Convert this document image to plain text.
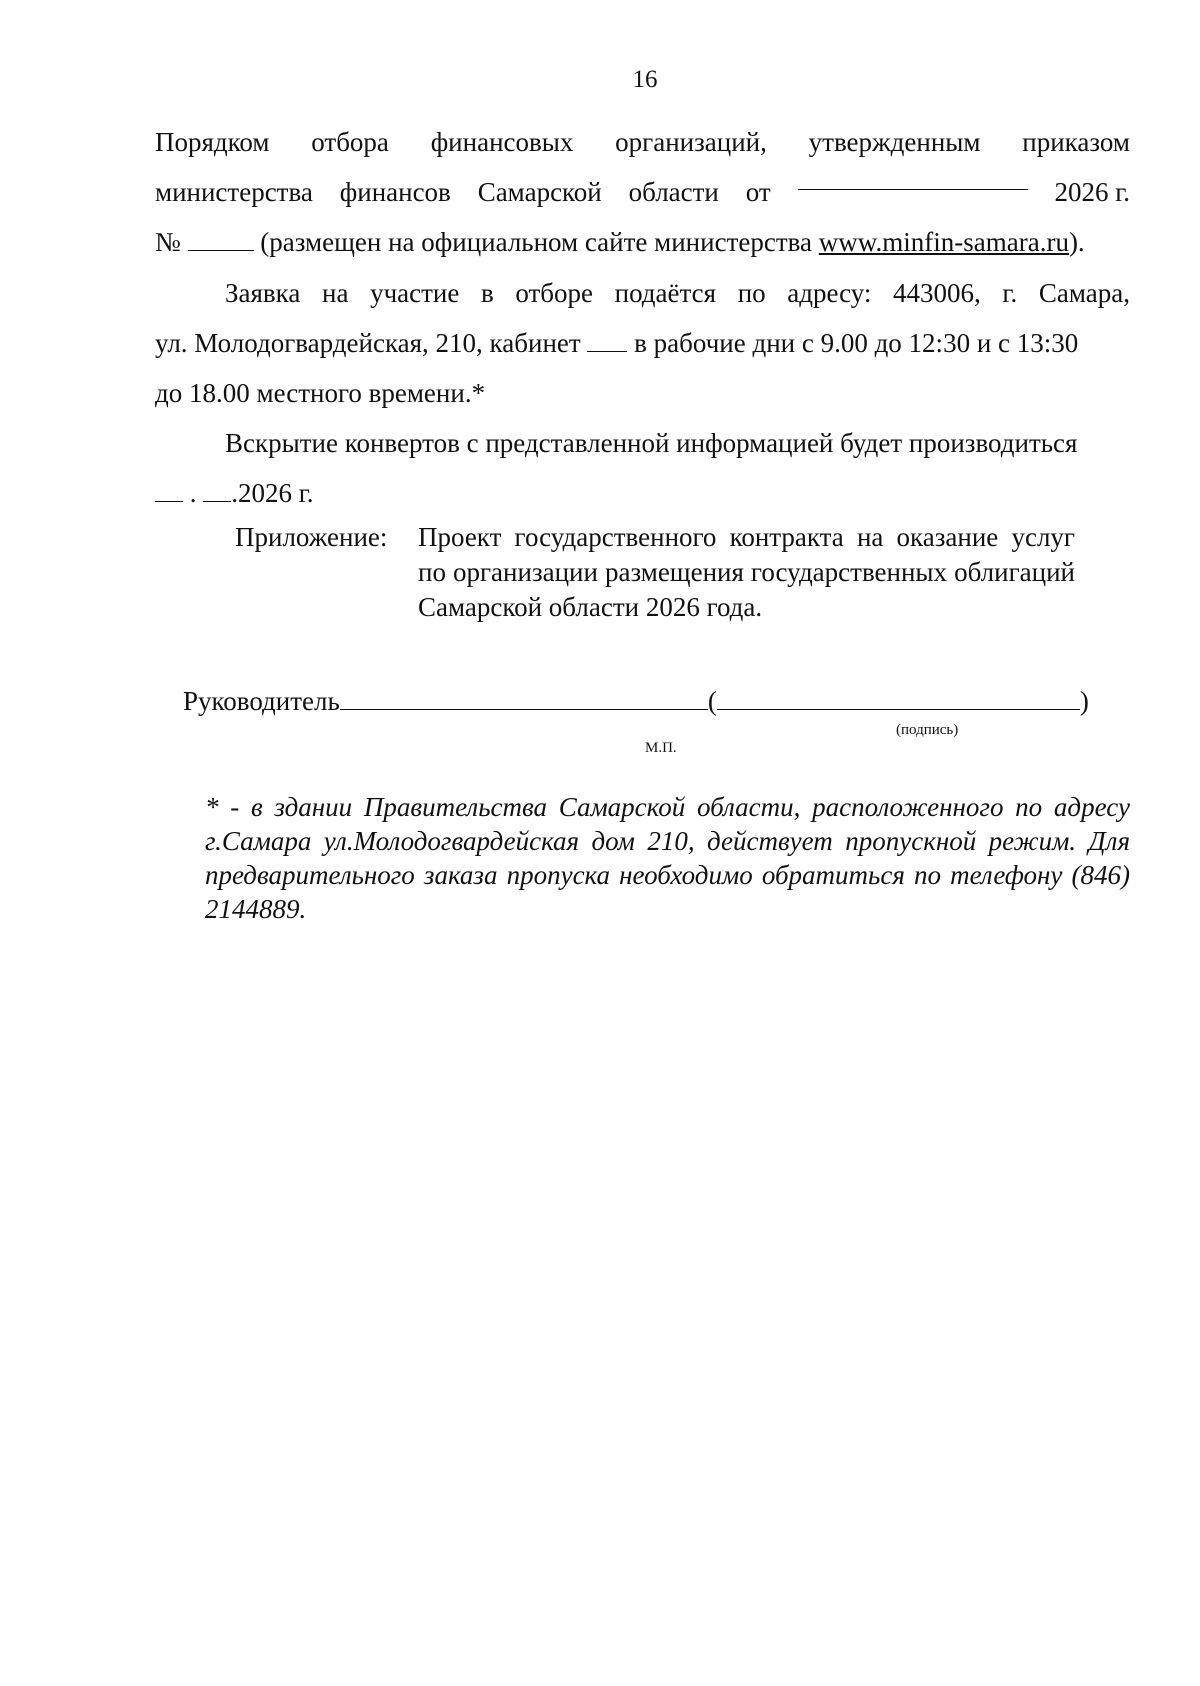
16
Порядком отбора финансовых организаций, утвержденным приказом
министерства финансов Самарской области от	2026 г.
№	(размещен на официальном сайте министерства www.minfin-samara.ru).
Заявка на участие в отборе подаётся по адресу: 443006, г. Самара,
ул. Молодогвардейская, 210, кабинет в рабочие дни с 9.00 до 12:30 и с 13:30
до 18.00 местного времени.*
Вскрытие конвертов с представленной информацией будет производиться
. .2026 г.
Приложение: Проект государственного контракта на оказание услуг по организации размещения государственных облигаций Самарской области 2026 года.
Руководитель	(	)
(подпись)
М.П.
* - в здании Правительства Самарской области, расположенного по адресу г.Самара ул.Молодогвардейская дом 210, действует пропускной режим. Для предварительного заказа пропуска необходимо обратиться по телефону (846) 2144889.
